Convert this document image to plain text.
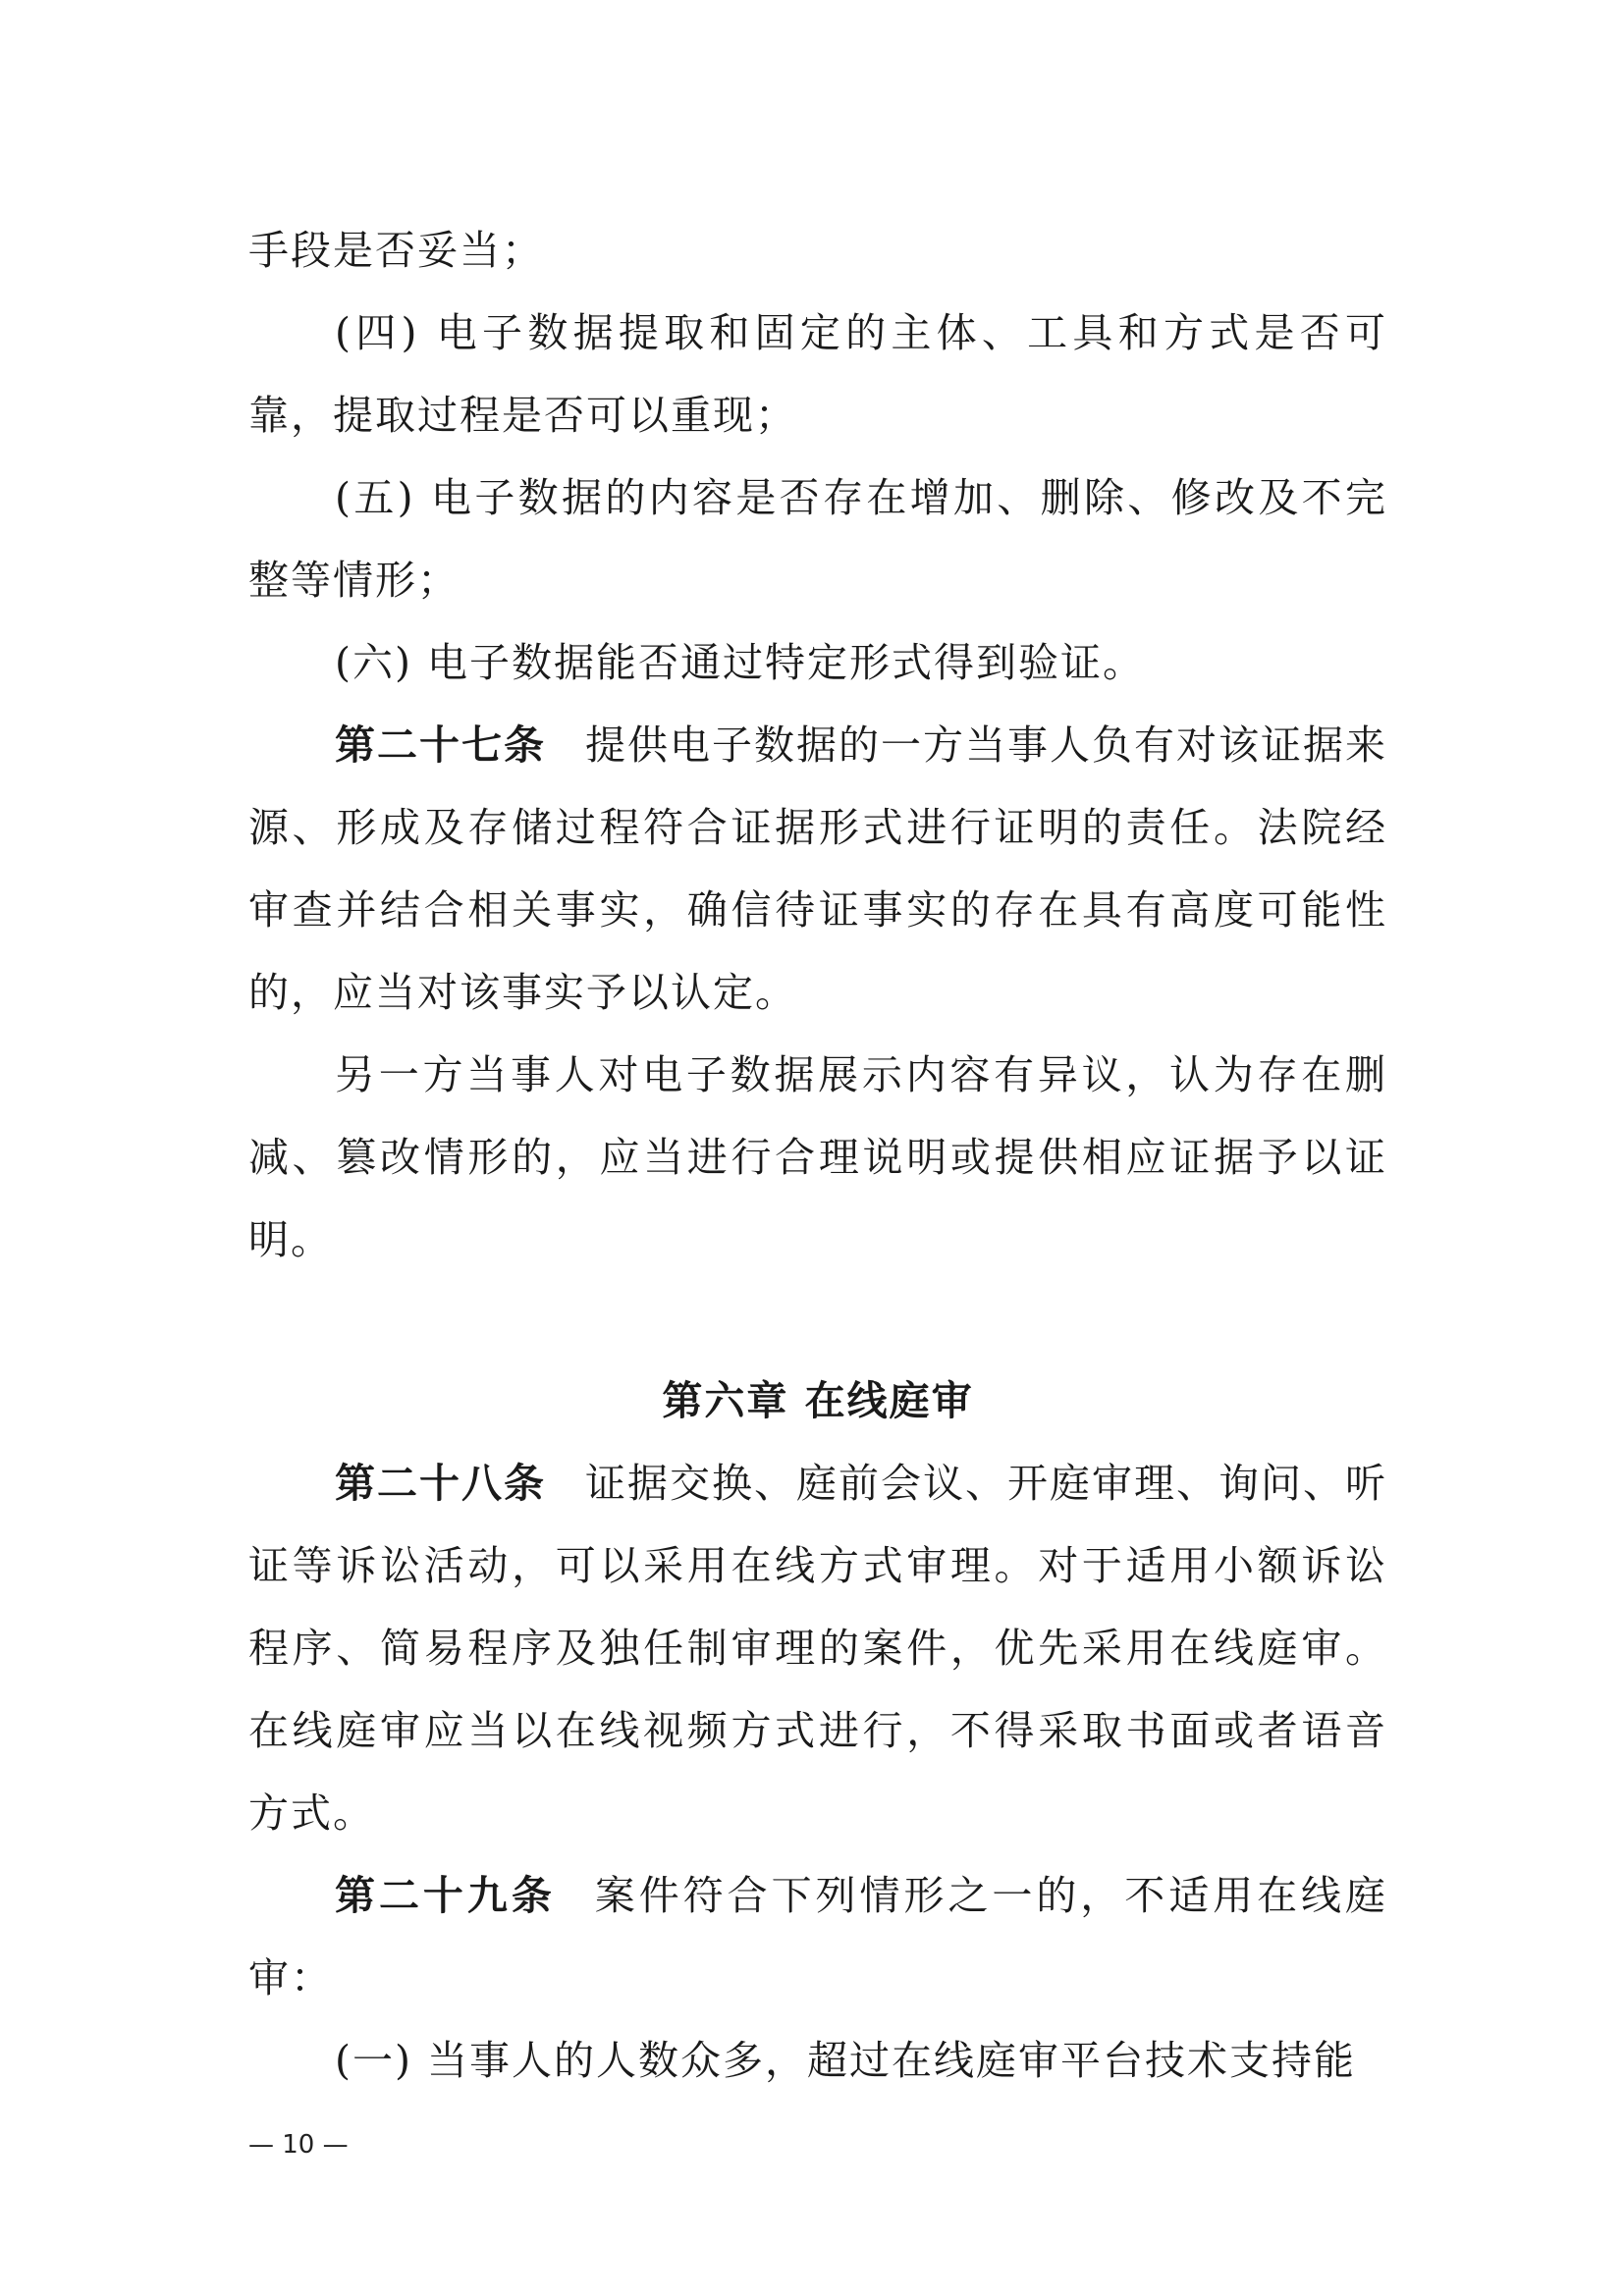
手段是否妥当；

(四) 电子数据提取和固定的主体、工具和方式是否可靠，提取过程是否可以重现；

(五) 电子数据的内容是否存在增加、删除、修改及不完整等情形；

(六) 电子数据能否通过特定形式得到验证。

第二十七条 提供电子数据的一方当事人负有对该证据来源、形成及存储过程符合证据形式进行证明的责任。法院经审查并结合相关事实，确信待证事实的存在具有高度可能性的，应当对该事实予以认定。

另一方当事人对电子数据展示内容有异议，认为存在删减、篡改情形的，应当进行合理说明或提供相应证据予以证明。

第六章 在线庭审

第二十八条 证据交换、庭前会议、开庭审理、询问、听证等诉讼活动，可以采用在线方式审理。对于适用小额诉讼程序、简易程序及独任制审理的案件，优先采用在线庭审。在线庭审应当以在线视频方式进行，不得采取书面或者语音方式。

第二十九条 案件符合下列情形之一的，不适用在线庭审：

(一) 当事人的人数众多，超过在线庭审平台技术支持能

— 10 —
